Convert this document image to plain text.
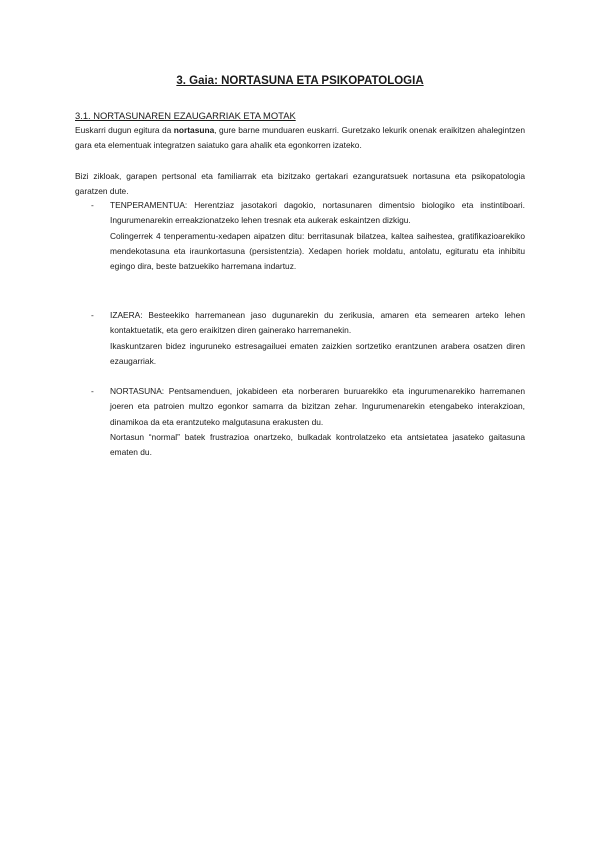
3. Gaia: NORTASUNA ETA PSIKOPATOLOGIA
3.1. NORTASUNAREN EZAUGARRIAK ETA MOTAK
Euskarri dugun egitura da nortasuna, gure barne munduaren euskarri. Guretzako lekurik onenak eraikitzen ahalegintzen gara eta elementuak integratzen saiatuko gara ahalik eta egonkorren izateko.
Bizi zikloak, garapen pertsonal eta familiarrak eta bizitzako gertakari ezanguratsuek nortasuna eta psikopatologia garatzen dute.
- TENPERAMENTUA: Herentziaz jasotakori dagokio, nortasunaren dimentsio biologiko eta instintiboari. Ingurumenarekin erreakzionatzeko lehen tresnak eta aukerak eskaintzen dizkigu.

Colingerrek 4 tenperamentu-xedapen aipatzen ditu: berritasunak bilatzea, kaltea saihestea, gratifikazioarekiko mendekotasuna eta iraunkortasuna (persistentzia). Xedapen horiek moldatu, antolatu, egituratu eta inhibitu egingo dira, beste batzuekiko harremana indartuz.

- IZAERA: Besteekiko harremanean jaso dugunarekin du zerikusia, amaren eta semearen arteko lehen kontaktuetatik, eta gero eraikitzen diren gainerako harremanekin.

Ikaskuntzaren bidez inguruneko estresagailuei ematen zaizkien sortzetiko erantzunen arabera osatzen diren ezaugarriak.

- NORTASUNA: Pentsamenduen, jokabideen eta norberaren buruarekiko eta ingurumenarekiko harremanen joeren eta patroien multzo egonkor samarra da bizitzan zehar. Ingurumenarekin etengabeko interakzioan, dinamikoa da eta erantzuteko malgutasuna erakusten du.

Nortasun “normal” batek frustrazioa onartzeko, bulkadak kontrolatzeko eta antsietatea jasateko gaitasuna ematen du.
